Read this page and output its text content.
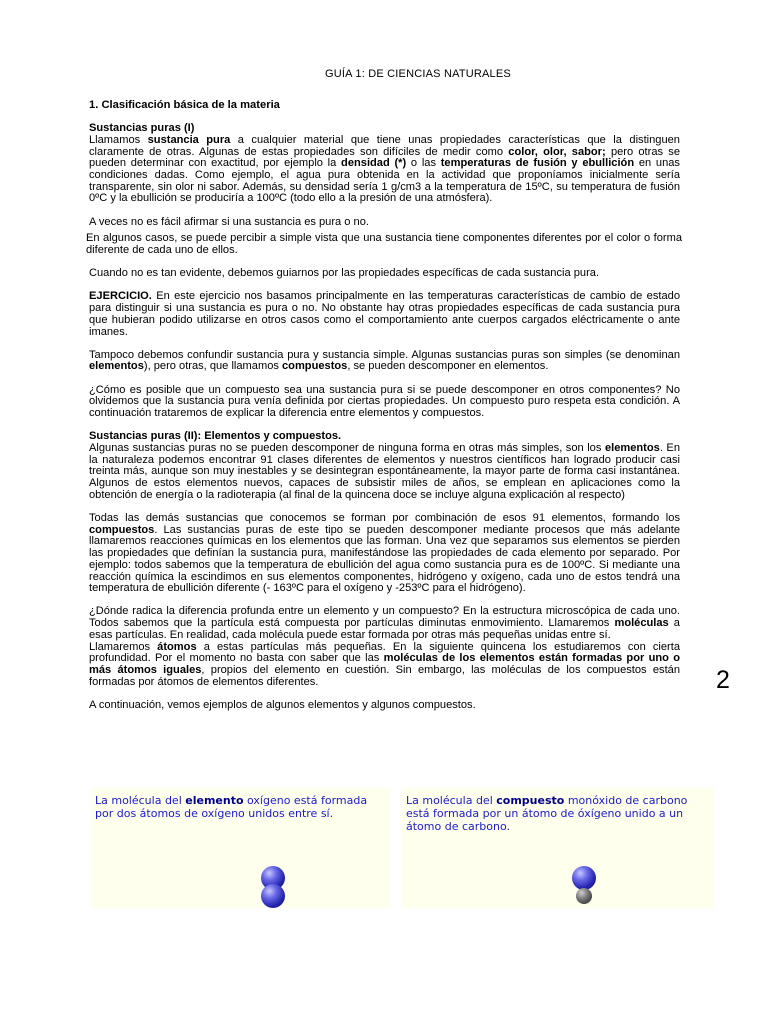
GUÍA 1: DE CIENCIAS NATURALES
1. Clasificación básica de la materia
Sustancias puras (I)

Llamamos sustancia pura a cualquier material que tiene unas propiedades características que la distinguen claramente de otras. Algunas de estas propiedades son difíciles de medir como color, olor, sabor; pero otras se pueden determinar con exactitud, por ejemplo la densidad (*) o las temperaturas de fusión y ebullición en unas condiciones dadas. Como ejemplo, el agua pura obtenida en la actividad que proponíamos inicialmente sería transparente, sin olor ni sabor. Además, su densidad sería 1 g/cm3 a la temperatura de 15ºC, su temperatura de fusión 0ºC y la ebullición se produciría a 100ºC (todo ello a la presión de una atmósfera).

A veces no es fácil afirmar si una sustancia es pura o no.

En algunos casos, se puede percibir a simple vista que una sustancia tiene componentes diferentes por el color o forma diferente de cada uno de ellos.

Cuando no es tan evidente, debemos guiarnos por las propiedades específicas de cada sustancia pura.

EJERCICIO. En este ejercicio nos basamos principalmente en las temperaturas características de cambio de estado para distinguir si una sustancia es pura o no. No obstante hay otras propiedades específicas de cada sustancia pura que hubieran podido utilizarse en otros casos como el comportamiento ante cuerpos cargados eléctricamente o ante imanes.

Tampoco debemos confundir sustancia pura y sustancia simple. Algunas sustancias puras son simples (se denominan elementos), pero otras, que llamamos compuestos, se pueden descomponer en elementos.

¿Cómo es posible que un compuesto sea una sustancia pura si se puede descomponer en otros componentes? No olvidemos que la sustancia pura venía definida por ciertas propiedades. Un compuesto puro respeta esta condición. A continuación trataremos de explicar la diferencia entre elementos y compuestos.

Sustancias puras (II): Elementos y compuestos.

Algunas sustancias puras no se pueden descomponer de ninguna forma en otras más simples, son los elementos. En la naturaleza podemos encontrar 91 clases diferentes de elementos y nuestros científicos han logrado producir casi treinta más, aunque son muy inestables y se desintegran espontáneamente, la mayor parte de forma casi instantánea. Algunos de estos elementos nuevos, capaces de subsistir miles de años, se emplean en aplicaciones como la obtención de energía o la radioterapia (al final de la quincena doce se incluye alguna explicación al respecto)

Todas las demás sustancias que conocemos se forman por combinación de esos 91 elementos, formando los compuestos. Las sustancias puras de este tipo se pueden descomponer mediante procesos que más adelante llamaremos reacciones químicas en los elementos que las forman. Una vez que separamos sus elementos se pierden las propiedades que definían la sustancia pura, manifestándose las propiedades de cada elemento por separado. Por ejemplo: todos sabemos que la temperatura de ebullición del agua como sustancia pura es de 100ºC. Si mediante una reacción química la escindimos en sus elementos componentes, hidrógeno y oxígeno, cada uno de estos tendrá una temperatura de ebullición diferente (- 163ºC para el oxígeno y -253ºC para el hidrógeno).

¿Dónde radica la diferencia profunda entre un elemento y un compuesto? En la estructura microscópica de cada uno. Todos sabemos que la partícula está compuesta por partículas diminutas enmovimiento. Llamaremos moléculas a esas partículas. En realidad, cada molécula puede estar formada por otras más pequeñas unidas entre sí.

Llamaremos átomos a estas partículas más pequeñas. En la siguiente quincena los estudiaremos con cierta profundidad. Por el momento no basta con saber que las moléculas de los elementos están formadas por uno o más átomos iguales, propios del elemento en cuestión. Sin embargo, las moléculas de los compuestos están formadas por átomos de elementos diferentes.

A continuación, vemos ejemplos de algunos elementos y algunos compuestos.

2
La molécula del elemento oxígeno está formada por dos átomos de oxígeno unidos entre sí.
La molécula del compuesto monóxido de carbono está formada por un átomo de óxígeno unido a un átomo de carbono.
